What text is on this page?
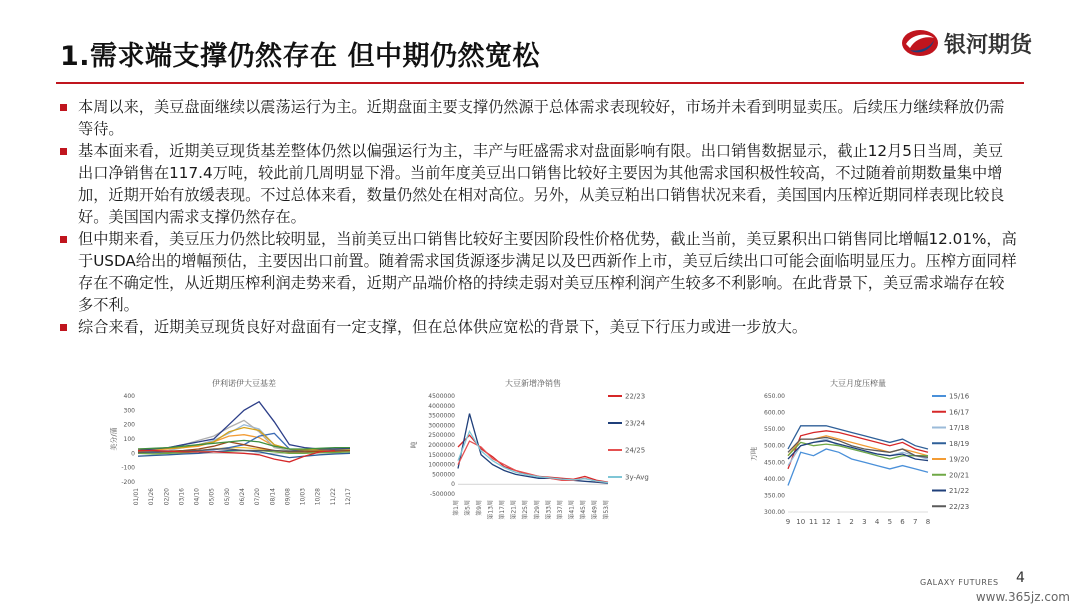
1.需求端支撑仍然存在 但中期仍然宽松	银河期货

本周以来，美豆盘面继续以震荡运行为主。近期盘面主要支撑仍然源于总体需求表现较好，市场并未看到明显卖压。后续压力继续释放仍需等待。

基本面来看，近期美豆现货基差整体仍然以偏强运行为主，丰产与旺盛需求对盘面影响有限。出口销售数据显示，截止12月5日当周，美豆出口净销售在117.4万吨，较此前几周明显下滑。当前年度美豆出口销售比较好主要因为其他需求国积极性较高，不过随着前期数量集中增加，近期开始有放缓表现。不过总体来看，数量仍然处在相对高位。另外，从美豆粕出口销售状况来看，美国国内压榨近期同样表现比较良好。美国国内需求支撑仍然存在。

但中期来看，美豆压力仍然比较明显，当前美豆出口销售比较好主要因阶段性价格优势，截止当前，美豆累积出口销售同比增幅12.01%，高于USDA给出的增幅预估，主要因出口前置。随着需求国货源逐步满足以及巴西新作上市，美豆后续出口可能会面临明显压力。压榨方面同样存在不确定性，从近期压榨利润走势来看，近期产品端价格的持续走弱对美豆压榨利润产生较多不利影响。在此背景下，美豆需求端存在较多不利。

综合来看，近期美豆现货良好对盘面有一定支撑，但在总体供应宽松的背景下，美豆下行压力或进一步放大。

伊利诺伊大豆基差
400
300
200
100
0
-100
-200
美分/蒲
01/01 01/26 02/20 03/16 04/10 05/05 05/30 06/24 07/20 08/14 09/08 10/03 10/28 11/22 12/17
大豆新增净销售
4500000
4000000
3500000
3000000
2500000
2000000
1500000
1000000
500000
0
-500000
吨
第1周 第5周 第9周 第13周 第17周 第21周 第25周 第29周 第33周 第37周 第41周 第45周 第49周 第53周
22/23
23/24
24/25
3y-Avg
大豆月度压榨量
650.00
600.00
550.00
500.00
450.00
400.00
350.00
300.00
万吨
9 10 11 12 1 2 3 4 5 6 7 8
15/16
16/17
17/18
18/19
19/20
20/21
21/22
22/23
GALAXY FUTURES 4
www.365jz.com
